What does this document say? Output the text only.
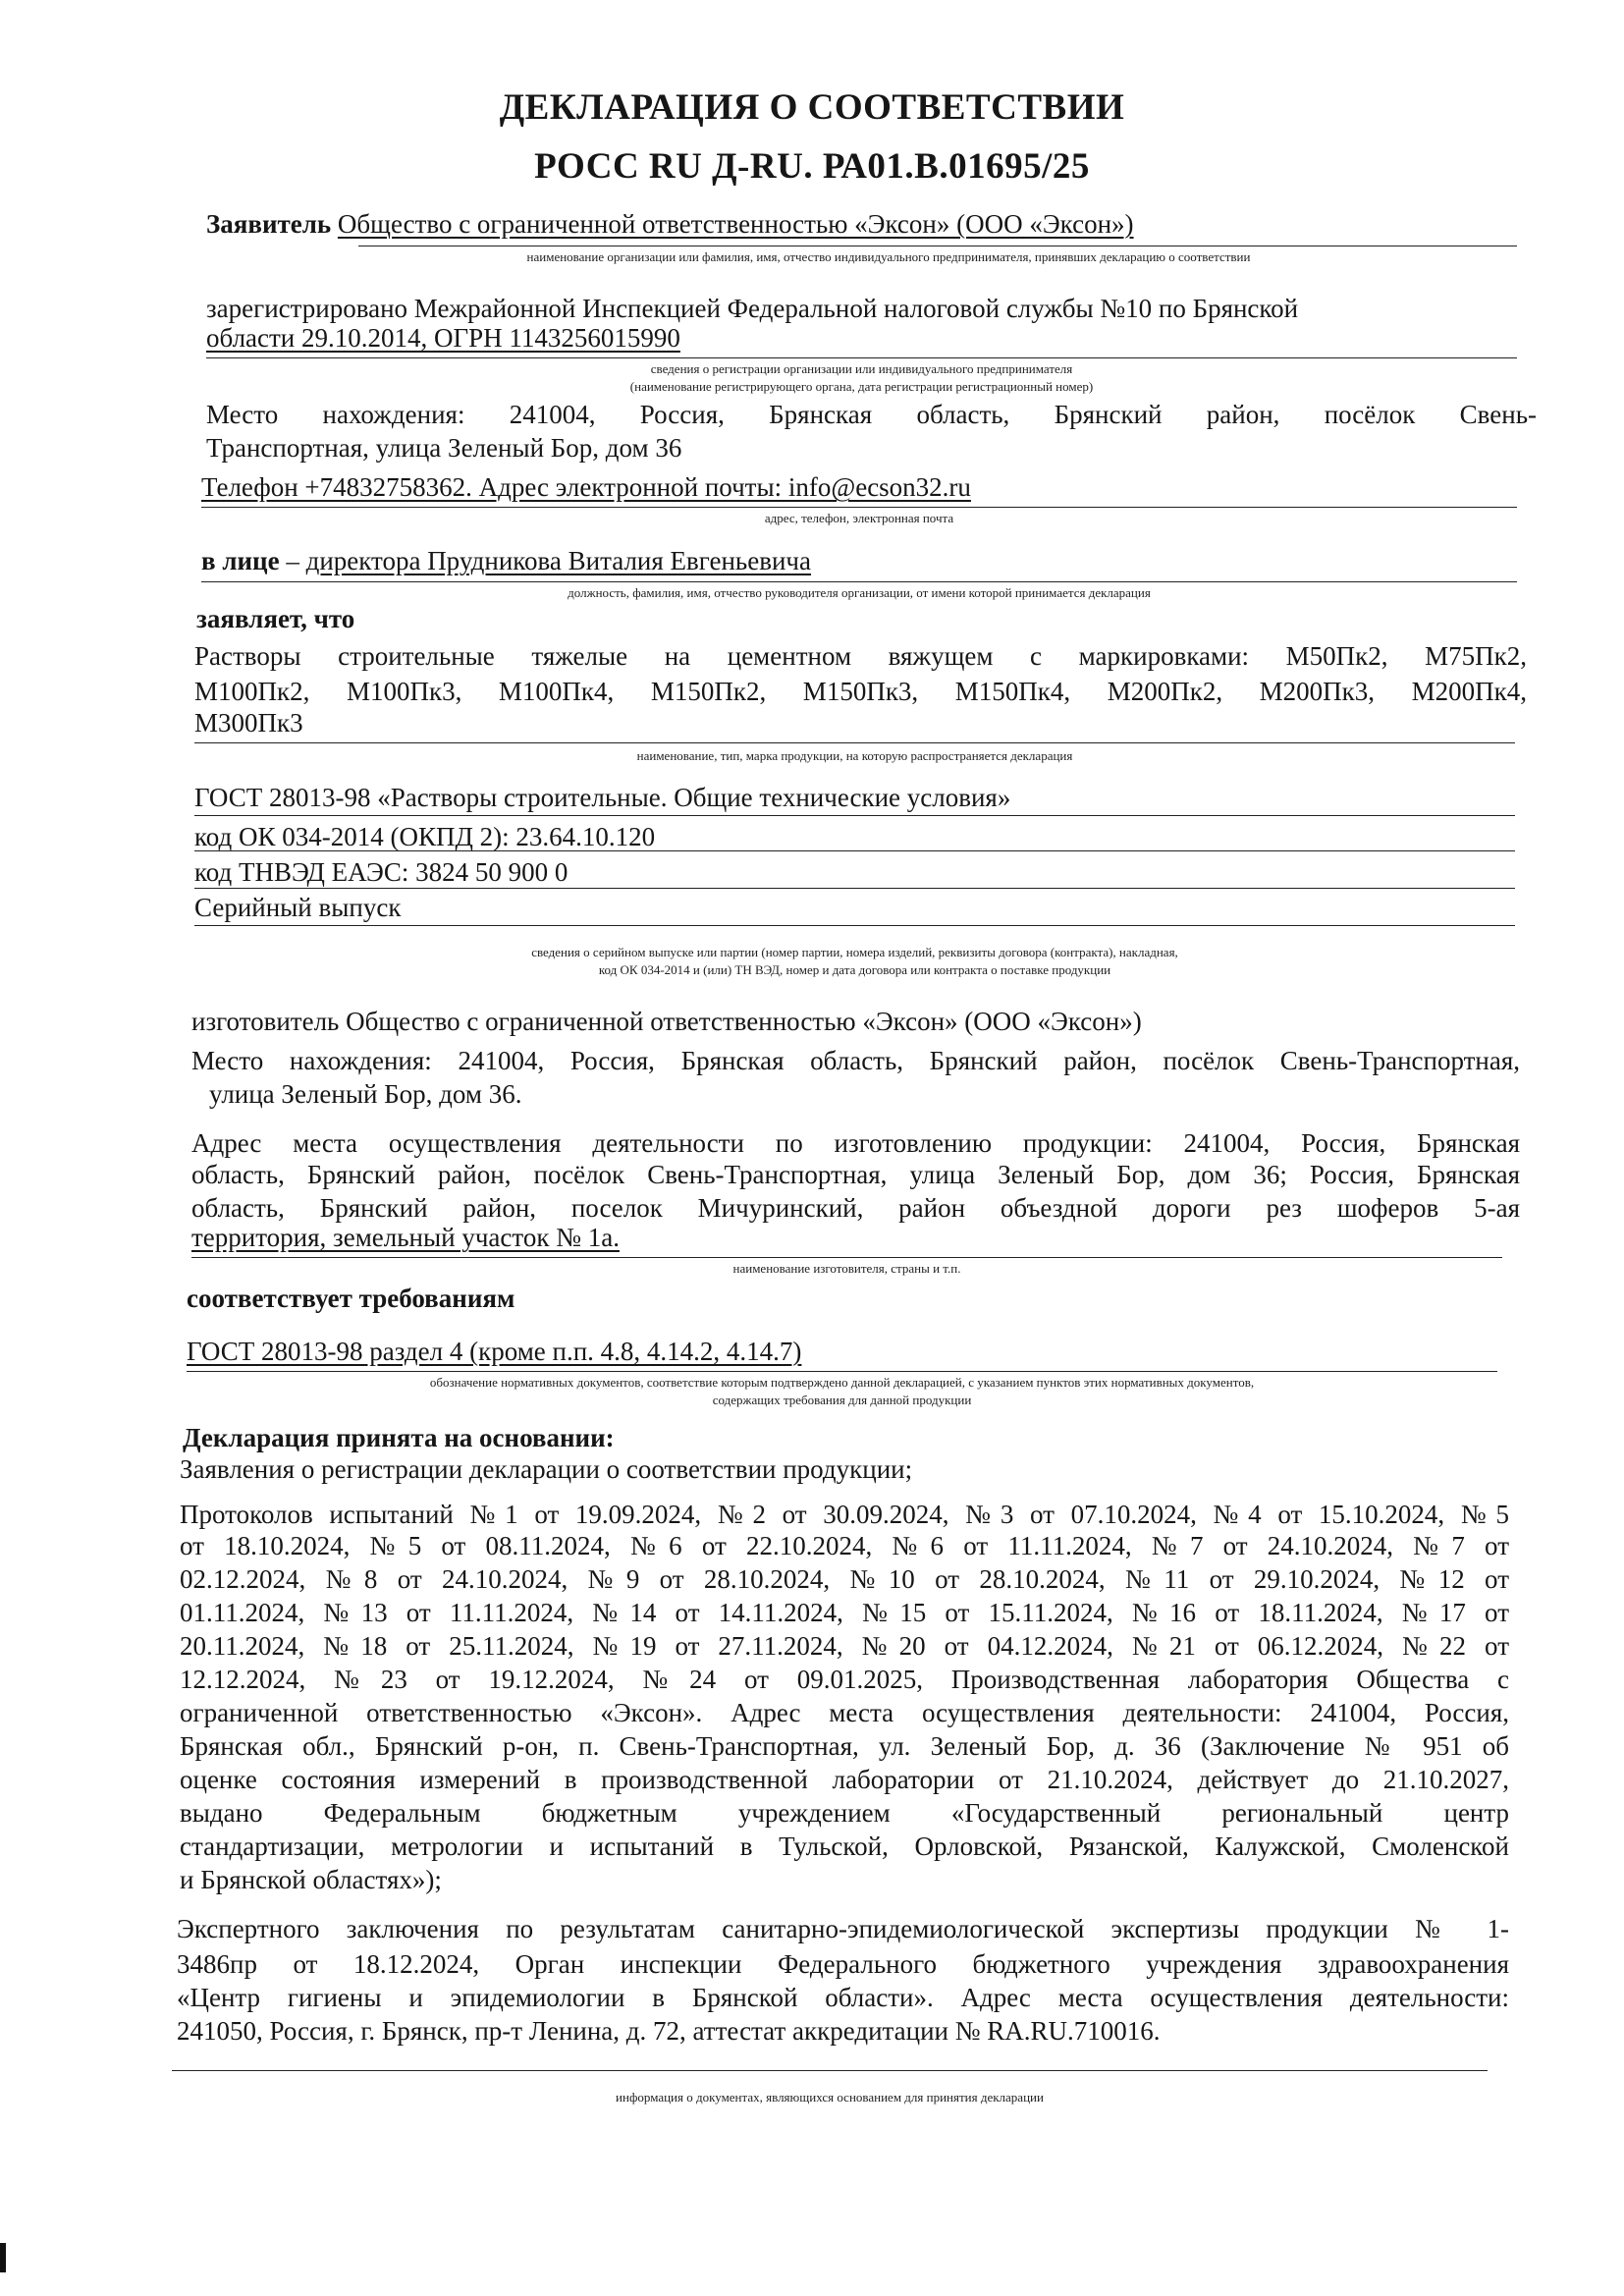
ДЕКЛАРАЦИЯ О СООТВЕТСТВИИ
РОСС RU Д-RU. РА01.В.01695/25
Заявитель Общество с ограниченной ответственностью «Эксон» (ООО «Эксон»)
наименование организации или фамилия, имя, отчество индивидуального предпринимателя, принявших декларацию о соответствии
зарегистрировано Межрайонной Инспекцией Федеральной налоговой службы №10 по Брянской
области 29.10.2014, ОГРН 1143256015990
сведения о регистрации организации или индивидуального предпринимателя
(наименование регистрирующего органа, дата регистрации регистрационный номер)
Место нахождения: 241004, Россия, Брянская область, Брянский район, посёлок Свень-
Транспортная, улица Зеленый Бор, дом 36
Телефон +74832758362. Адрес электронной почты: info@ecson32.ru
адрес, телефон, электронная почта
в лице – директора Прудникова Виталия Евгеньевича
должность, фамилия, имя, отчество руководителя организации, от имени которой принимается декларация
заявляет, что
Растворы строительные тяжелые на цементном вяжущем с маркировками: М50Пк2, М75Пк2,
М100Пк2, М100Пк3, М100Пк4, М150Пк2, М150Пк3, М150Пк4, М200Пк2, М200Пк3, М200Пк4,
М300Пк3
наименование, тип, марка продукции, на которую распространяется декларация
ГОСТ 28013-98 «Растворы строительные. Общие технические условия»
код ОК 034-2014 (ОКПД 2): 23.64.10.120
код ТНВЭД ЕАЭС: 3824 50 900 0
Серийный выпуск
сведения о серийном выпуске или партии (номер партии, номера изделий, реквизиты договора (контракта), накладная,
код ОК 034-2014 и (или) ТН ВЭД, номер и дата договора или контракта о поставке продукции
изготовитель Общество с ограниченной ответственностью «Эксон» (ООО «Эксон»)
Место нахождения: 241004, Россия, Брянская область, Брянский район, посёлок Свень-Транспортная,
улица Зеленый Бор, дом 36.
Адрес места осуществления деятельности по изготовлению продукции: 241004, Россия, Брянская
область, Брянский район, посёлок Свень-Транспортная, улица Зеленый Бор, дом 36; Россия, Брянская
область, Брянский район, поселок Мичуринский, район объездной дороги рез шоферов 5-ая
территория, земельный участок № 1а.
наименование изготовителя, страны и т.п.
соответствует требованиям
ГОСТ 28013-98 раздел 4 (кроме п.п. 4.8, 4.14.2, 4.14.7)
обозначение нормативных документов, соответствие которым подтверждено данной декларацией, с указанием пунктов этих нормативных документов,
содержащих требования для данной продукции
Декларация принята на основании:
Заявления о регистрации декларации о соответствии продукции;
Протоколов испытаний №1 от 19.09.2024, №2 от 30.09.2024, №3 от 07.10.2024, №4 от 15.10.2024, №5
от 18.10.2024, №5 от 08.11.2024, №6 от 22.10.2024, №6 от 11.11.2024, №7 от 24.10.2024, №7 от
02.12.2024, №8 от 24.10.2024, №9 от 28.10.2024, №10 от 28.10.2024, №11 от 29.10.2024, №12 от
01.11.2024, №13 от 11.11.2024, №14 от 14.11.2024, №15 от 15.11.2024, №16 от 18.11.2024, №17 от
20.11.2024, №18 от 25.11.2024, №19 от 27.11.2024, №20 от 04.12.2024, №21 от 06.12.2024, №22 от
12.12.2024, №23 от 19.12.2024, №24 от 09.01.2025, Производственная лаборатория Общества с
ограниченной ответственностью «Эксон». Адрес места осуществления деятельности: 241004, Россия,
Брянская обл., Брянский р-он, п. Свень-Транспортная, ул. Зеленый Бор, д. 36 (Заключение № 951 об
оценке состояния измерений в производственной лаборатории от 21.10.2024, действует до 21.10.2027,
выдано Федеральным бюджетным учреждением «Государственный региональный центр
стандартизации, метрологии и испытаний в Тульской, Орловской, Рязанской, Калужской, Смоленской
и Брянской областях»);
Экспертного заключения по результатам санитарно-эпидемиологической экспертизы продукции № 1-
3486пр от 18.12.2024, Орган инспекции Федерального бюджетного учреждения здравоохранения
«Центр гигиены и эпидемиологии в Брянской области». Адрес места осуществления деятельности:
241050, Россия, г. Брянск, пр-т Ленина, д. 72, аттестат аккредитации № RA.RU.710016.
информация о документах, являющихся основанием для принятия декларации
